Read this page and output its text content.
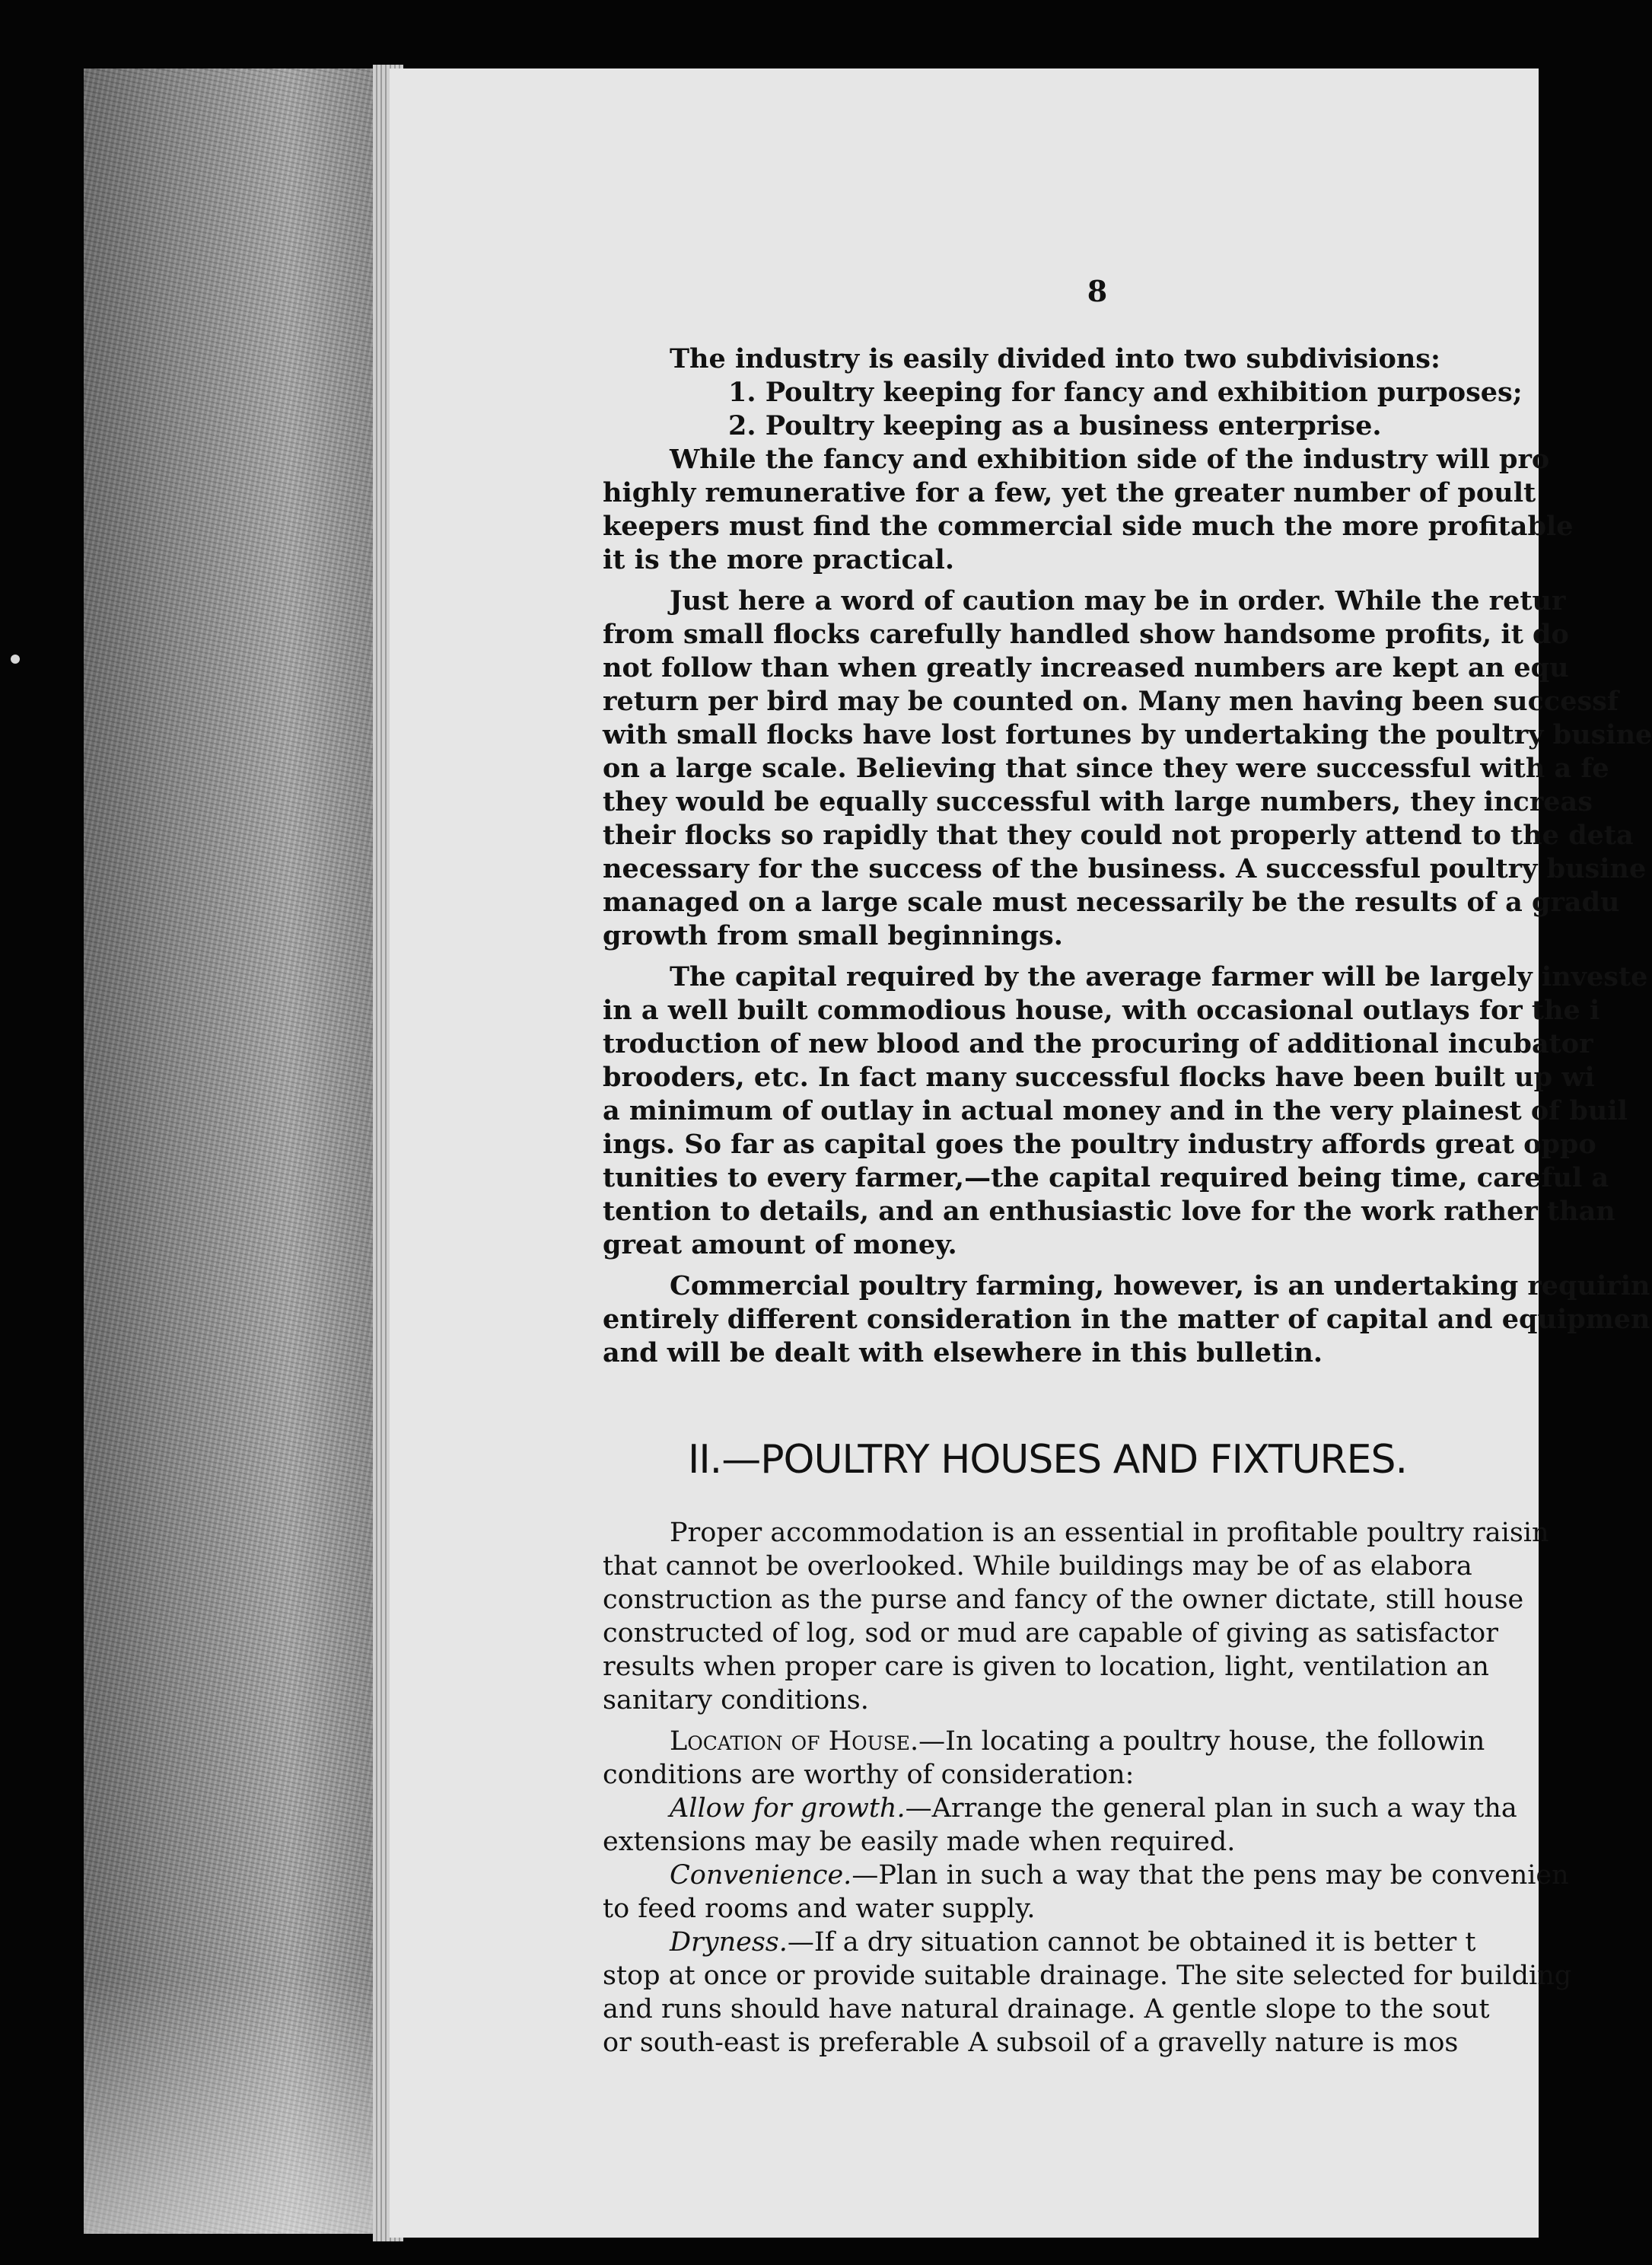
8

The industry is easily divided into two subdivisions:

1. Poultry keeping for fancy and exhibition purposes;

2. Poultry keeping as a business enterprise.

While the fancy and exhibition side of the industry will pro

highly remunerative for a few, yet the greater number of poult

keepers must find the commercial side much the more profitable

it is the more practical.

Just here a word of caution may be in order. While the retur

from small flocks carefully handled show handsome profits, it do

not follow than when greatly increased numbers are kept an equ

return per bird may be counted on. Many men having been successf

with small flocks have lost fortunes by undertaking the poultry busine

on a large scale. Believing that since they were successful with a fe

they would be equally successful with large numbers, they increas

their flocks so rapidly that they could not properly attend to the deta

necessary for the success of the business. A successful poultry busine

managed on a large scale must necessarily be the results of a gradu

growth from small beginnings.

The capital required by the average farmer will be largely investe

in a well built commodious house, with occasional outlays for the i

troduction of new blood and the procuring of additional incubator

brooders, etc. In fact many successful flocks have been built up wi

a minimum of outlay in actual money and in the very plainest of buil

ings. So far as capital goes the poultry industry affords great oppo

tunities to every farmer,—the capital required being time, careful a

tention to details, and an enthusiastic love for the work rather than

great amount of money.

Commercial poultry farming, however, is an undertaking requirin

entirely different consideration in the matter of capital and equipmen

and will be dealt with elsewhere in this bulletin.

II.—POULTRY HOUSES AND FIXTURES.

Proper accommodation is an essential in profitable poultry raisin

that cannot be overlooked. While buildings may be of as elabora

construction as the purse and fancy of the owner dictate, still house

constructed of log, sod or mud are capable of giving as satisfactor

results when proper care is given to location, light, ventilation an

sanitary conditions.

Location of House.—In locating a poultry house, the followin

conditions are worthy of consideration:

Allow for growth.—Arrange the general plan in such a way tha

extensions may be easily made when required.

Convenience.—Plan in such a way that the pens may be convenien

to feed rooms and water supply.

Dryness.—If a dry situation cannot be obtained it is better t

stop at once or provide suitable drainage. The site selected for building

and runs should have natural drainage. A gentle slope to the sout

or south-east is preferable A subsoil of a gravelly nature is mos
